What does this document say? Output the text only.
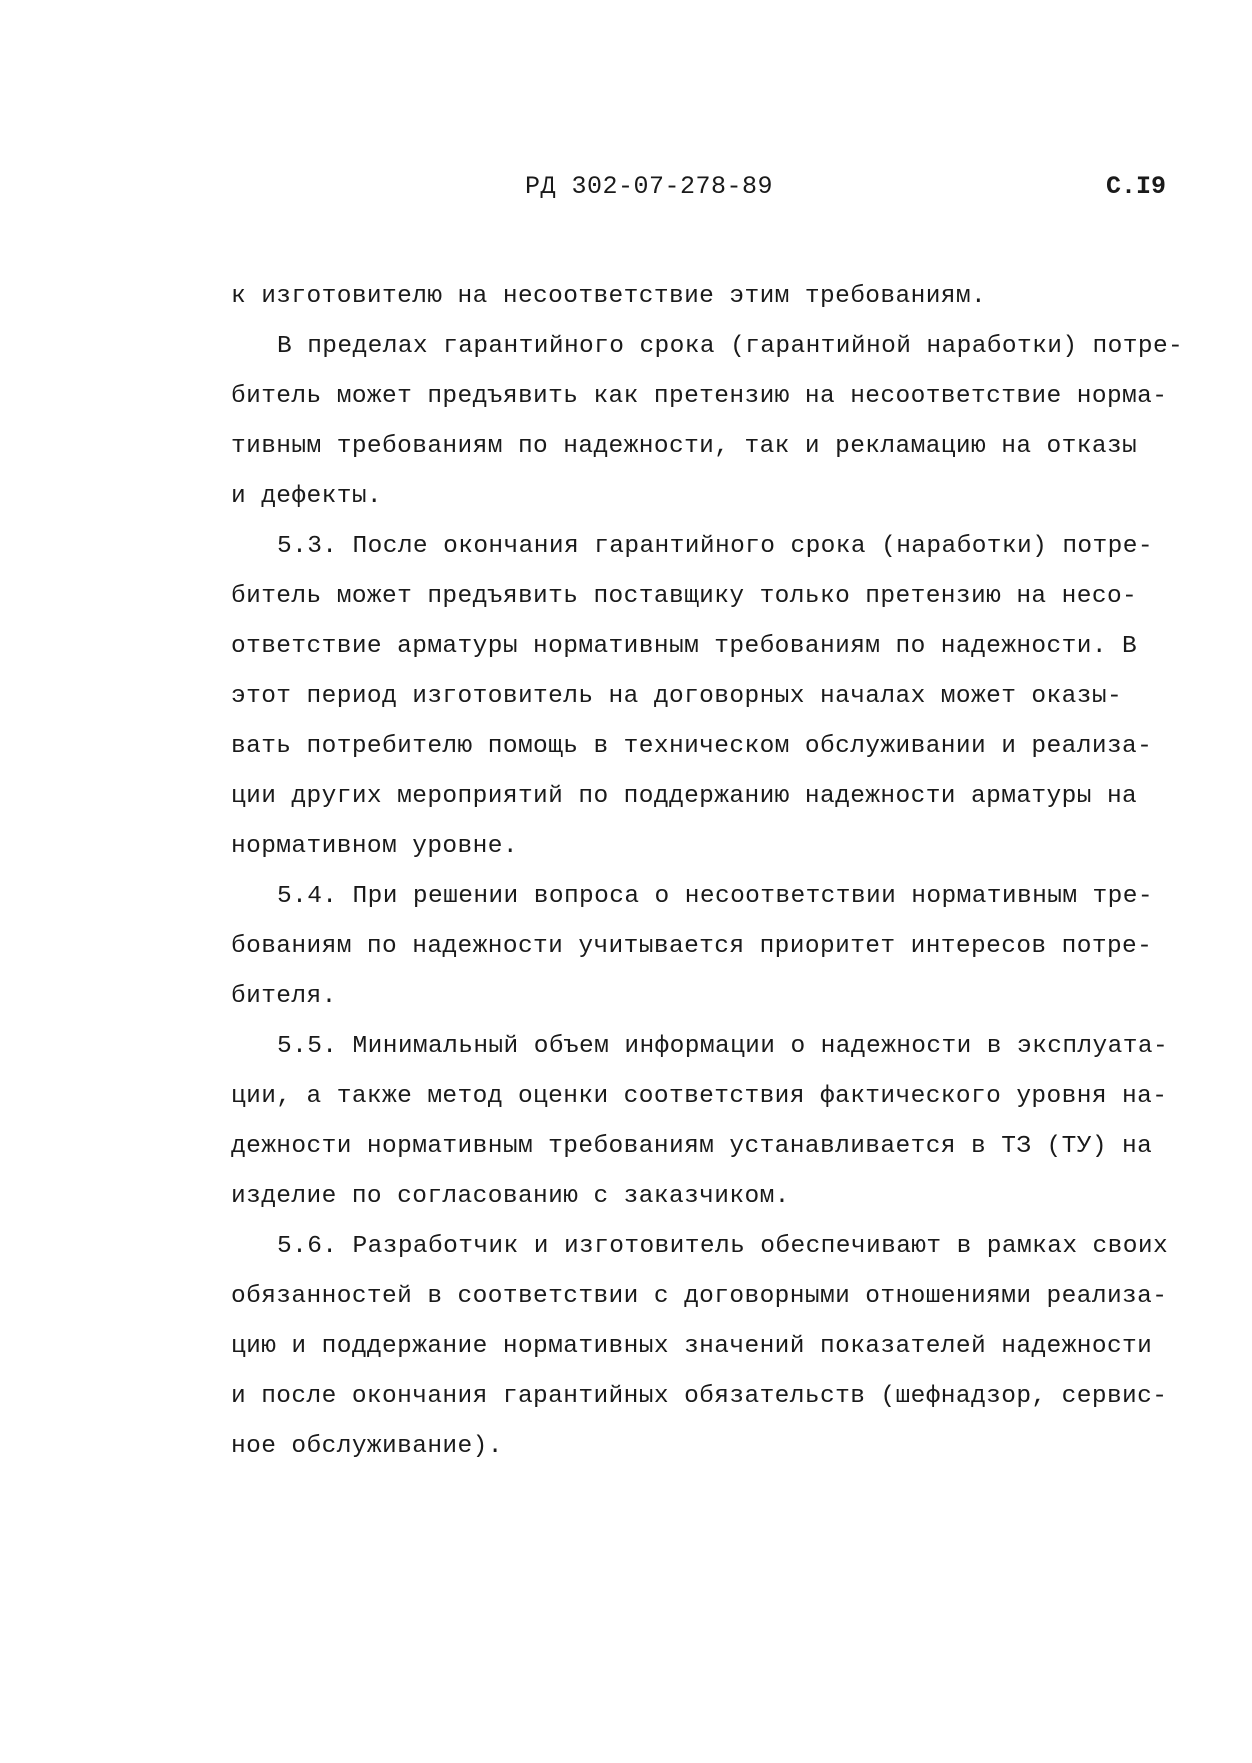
РД 302-07-278-89	С.I9
к изготовителю на несоответствие этим требованиям.
В пределах гарантийного срока (гарантийной наработки) потре-
битель может предъявить как претензию на несоответствие норма-
тивным требованиям по надежности, так и рекламацию на отказы
и дефекты.
5.3. После окончания гарантийного срока (наработки) потре-
битель может предъявить поставщику только претензию на несо-
ответствие арматуры нормативным требованиям по надежности. В
этот период изготовитель на договорных началах может оказы-
вать потребителю помощь в техническом обслуживании и реализа-
ции других мероприятий по поддержанию надежности арматуры на
нормативном уровне.
5.4. При решении вопроса о несоответствии нормативным тре-
бованиям по надежности учитывается приоритет интересов потре-
бителя.
5.5. Минимальный объем информации о надежности в эксплуата-
ции, а также метод оценки соответствия фактического уровня на-
дежности нормативным требованиям устанавливается в ТЗ (ТУ) на
изделие по согласованию с заказчиком.
5.6. Разработчик и изготовитель обеспечивают в рамках своих
обязанностей в соответствии с договорными отношениями реализа-
цию и поддержание нормативных значений показателей надежности
и после окончания гарантийных обязательств (шефнадзор, сервис-
ное обслуживание).
